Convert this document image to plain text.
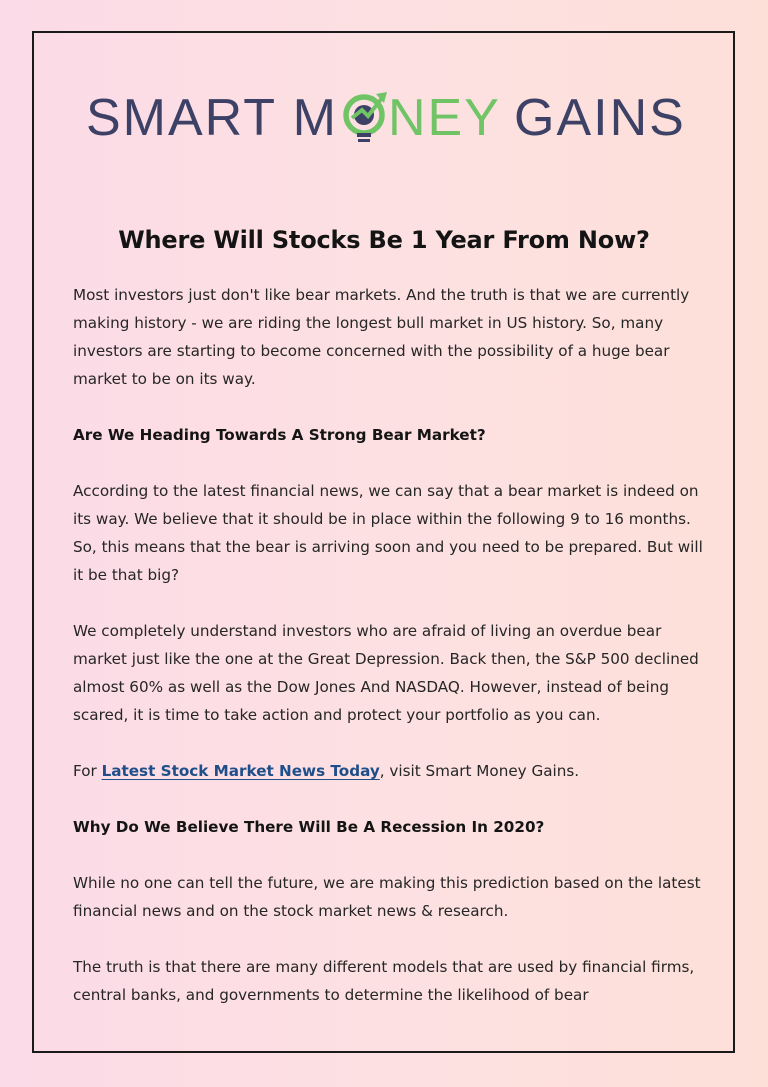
SMART M NEY GAINS
Where Will Stocks Be 1 Year From Now?

Most investors just don't like bear markets. And the truth is that we are currently making history - we are riding the longest bull market in US history. So, many investors are starting to become concerned with the possibility of a huge bear market to be on its way.

Are We Heading Towards A Strong Bear Market?

According to the latest financial news, we can say that a bear market is indeed on its way. We believe that it should be in place within the following 9 to 16 months. So, this means that the bear is arriving soon and you need to be prepared. But will it be that big?

We completely understand investors who are afraid of living an overdue bear market just like the one at the Great Depression. Back then, the S&P 500 declined almost 60% as well as the Dow Jones And NASDAQ. However, instead of being scared, it is time to take action and protect your portfolio as you can.

For Latest Stock Market News Today, visit Smart Money Gains.

Why Do We Believe There Will Be A Recession In 2020?

While no one can tell the future, we are making this prediction based on the latest financial news and on the stock market news & research.

The truth is that there are many different models that are used by financial firms, central banks, and governments to determine the likelihood of bear
